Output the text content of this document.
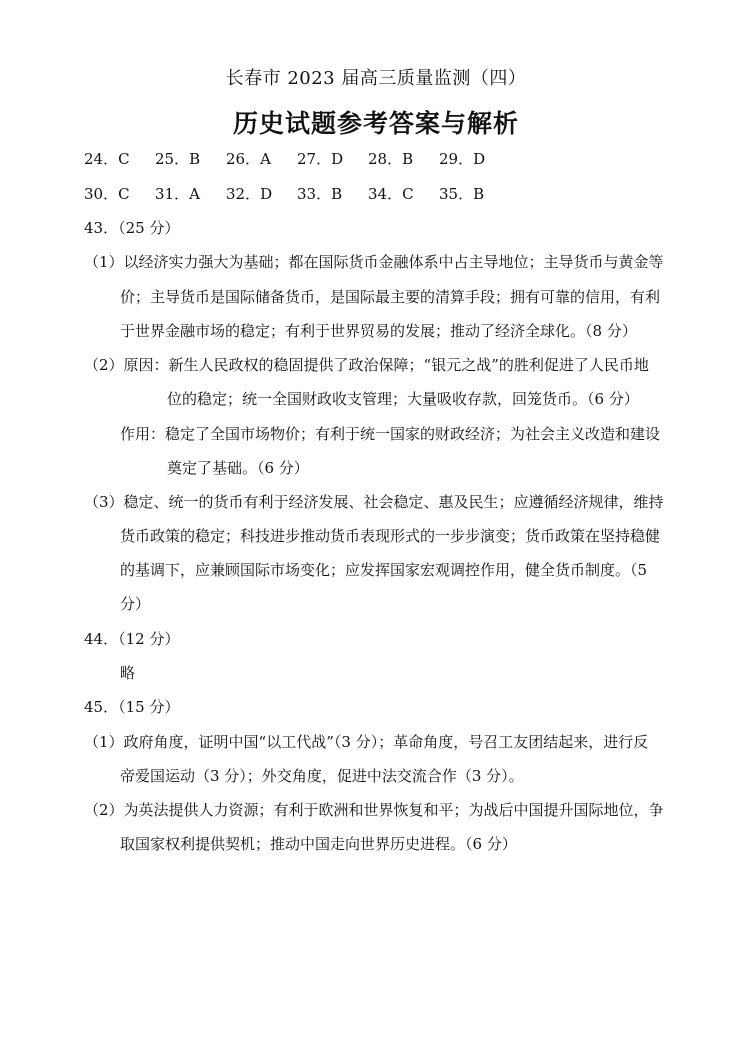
长春市 2023 届高三质量监测（四）
历史试题参考答案与解析
24．C 25．B 26．A 27．D 28．B 29．D
30．C 31．A 32．D 33．B 34．C 35．B
43．（25 分）
（1）以经济实力强大为基础；都在国际货币金融体系中占主导地位；主导货币与黄金等
价；主导货币是国际储备货币，是国际最主要的清算手段；拥有可靠的信用，有利
于世界金融市场的稳定；有利于世界贸易的发展；推动了经济全球化。（8 分）
（2）原因：新生人民政权的稳固提供了政治保障；“银元之战”的胜利促进了人民币地
位的稳定；统一全国财政收支管理；大量吸收存款，回笼货币。（6 分）
作用：稳定了全国市场物价；有利于统一国家的财政经济；为社会主义改造和建设
奠定了基础。（6 分）
（3）稳定、统一的货币有利于经济发展、社会稳定、惠及民生；应遵循经济规律，维持
货币政策的稳定；科技进步推动货币表现形式的一步步演变；货币政策在坚持稳健
的基调下，应兼顾国际市场变化；应发挥国家宏观调控作用，健全货币制度。（5
分）
44．（12 分）
略
45．（15 分）
（1）政府角度，证明中国“以工代战”（3 分）；革命角度，号召工友团结起来，进行反
帝爱国运动（3 分）；外交角度，促进中法交流合作（3 分）。
（2）为英法提供人力资源；有利于欧洲和世界恢复和平；为战后中国提升国际地位，争
取国家权利提供契机；推动中国走向世界历史进程。（6 分）
